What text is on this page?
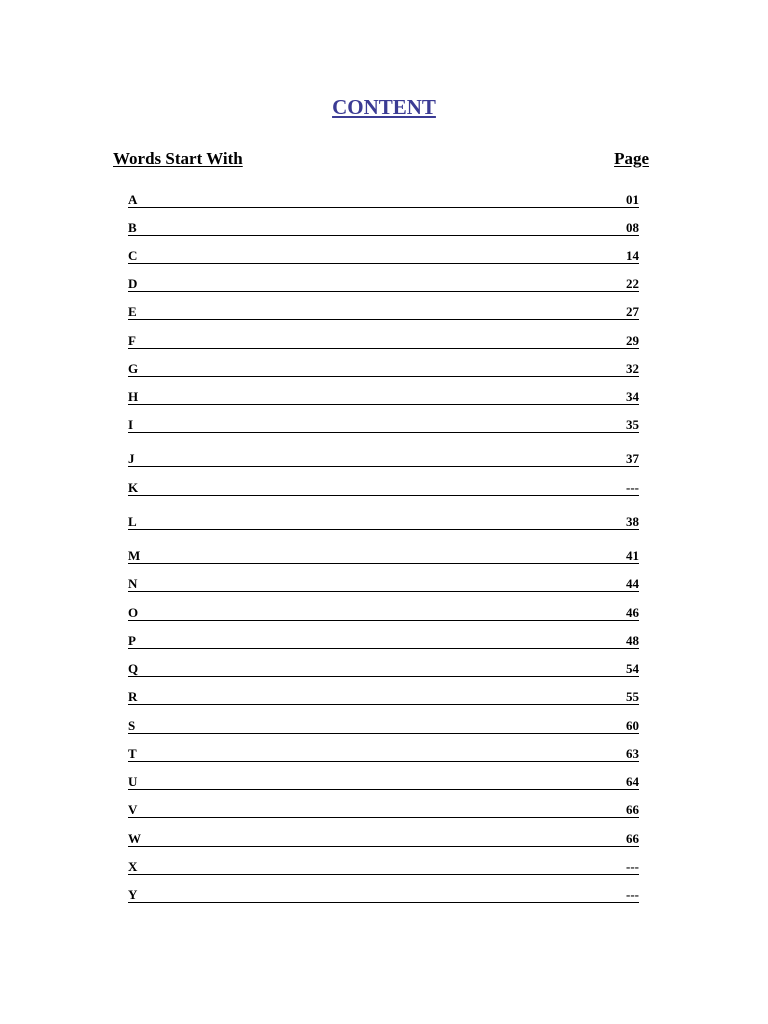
CONTENT
Words Start With	Page
A	01
B	08
C	14
D	22
E	27
F	29
G	32
H	34
I	35
J	37
K	---
L	38
M	41
N	44
O	46
P	48
Q	54
R	55
S	60
T	63
U	64
V	66
W	66
X	---
Y	---
